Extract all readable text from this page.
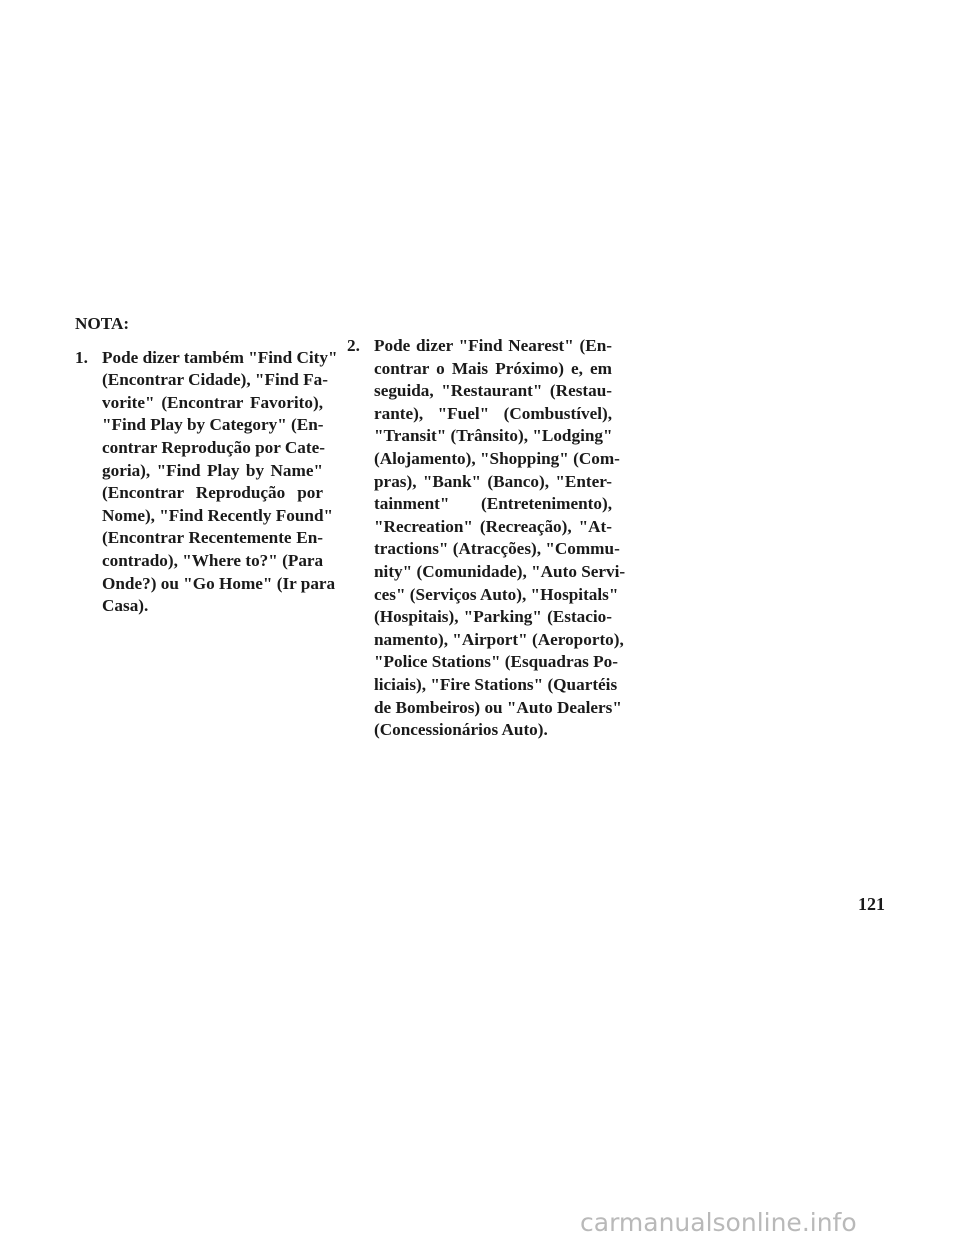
NOTA:
1. Pode dizer também "Find City"
(Encontrar Cidade), "Find Fa-
vorite" (Encontrar Favorito),
"Find Play by Category" (En-
contrar Reprodução por Cate-
goria), "Find Play by Name"
(Encontrar Reprodução por
Nome), "Find Recently Found"
(Encontrar Recentemente En-
contrado), "Where to?" (Para
Onde?) ou "Go Home" (Ir para
Casa).
2. Pode dizer "Find Nearest" (En-
contrar o Mais Próximo) e, em
seguida, "Restaurant" (Restau-
rante), "Fuel" (Combustível),
"Transit" (Trânsito), "Lodging"
(Alojamento), "Shopping" (Com-
pras), "Bank" (Banco), "Enter-
tainment" (Entretenimento),
"Recreation" (Recreação), "At-
tractions" (Atracções), "Commu-
nity" (Comunidade), "Auto Servi-
ces" (Serviços Auto), "Hospitals"
(Hospitais), "Parking" (Estacio-
namento), "Airport" (Aeroporto),
"Police Stations" (Esquadras Po-
liciais), "Fire Stations" (Quartéis
de Bombeiros) ou "Auto Dealers"
(Concessionários Auto).
121
carmanualsonline.info
